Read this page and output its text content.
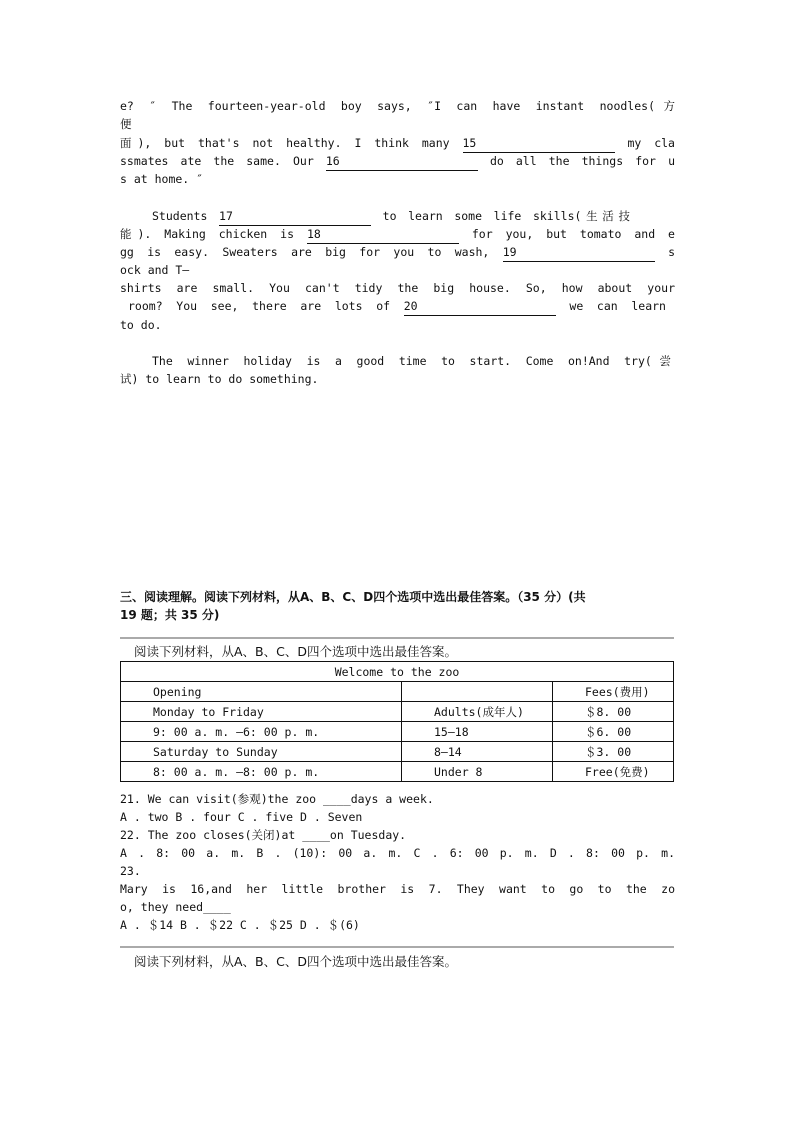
e? ″ The fourteen-year-old boy says, ″I can have instant noodles(方
便
面), but that's not healthy. I think many 15	my cla
ssmates ate the same. Our 16	do all the things for u
s at home. ″
Students 17	to learn some life skills(生活技
能). Making chicken is 18	for you, but tomato and e
gg is easy. Sweaters are big for you to wash, 19	s
ock and T—
shirts are small. You can't tidy the big house. So, how about your
room? You see, there are lots of 20	we can learn
to do.
The winner holiday is a good time to start. Come on!And try(尝
试) to learn to do something.
三、阅读理解。阅读下列材料，从A、B、C、D四个选项中选出最佳答案。（35 分）(共
19 题；共 35 分)
阅读下列材料，从A、B、C、D四个选项中选出最佳答案。
Welcome to the zoo		
Opening		Fees(费用)
Monday to Friday	Adults(成年人)	＄8. 00
9: 00 a. m. —6: 00 p. m.	15—18	＄6. 00
Saturday to Sunday	8—14	＄3. 00
8: 00 a. m. —8: 00 p. m.	Under 8	Free(免费)
21. We can visit(参观)the zoo ____days a week.
A . two B . four C . five D . Seven
22. The zoo closes(关闭)at ____on Tuesday.
A . 8: 00 a. m. B . (10): 00 a. m. C . 6: 00 p. m. D . 8: 00 p. m.
23.
Mary is 16,and her little brother is 7. They want to go to the zo
o, they need____
A . ＄14 B . ＄22 C . ＄25 D . ＄(6)
阅读下列材料，从A、B、C、D四个选项中选出最佳答案。
